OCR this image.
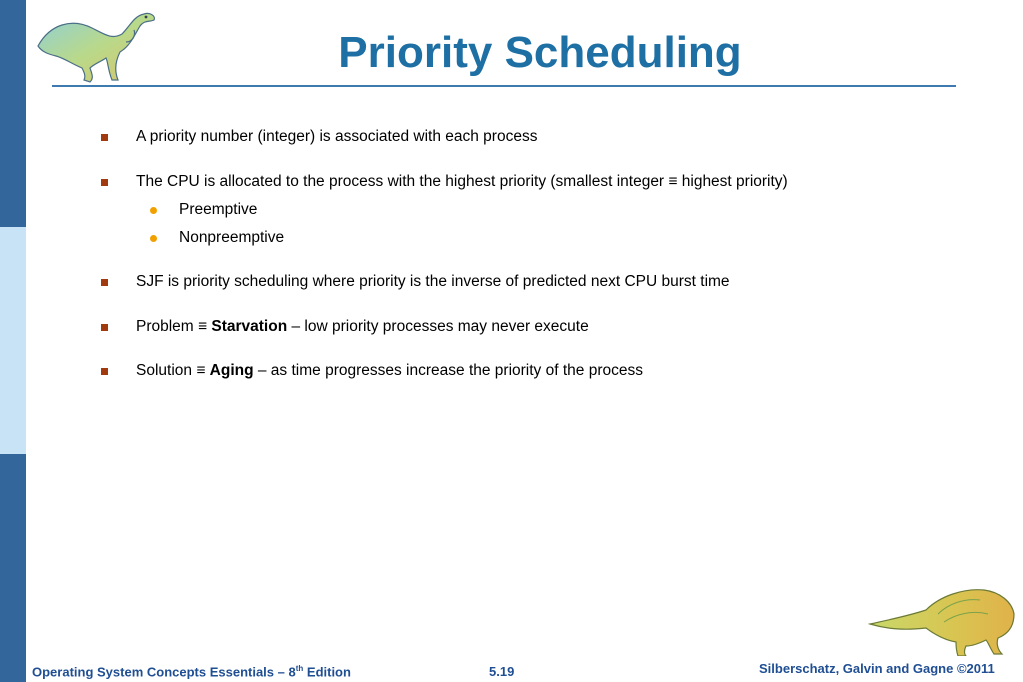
Priority Scheduling
A priority number (integer) is associated with each process
The CPU is allocated to the process with the highest priority (smallest integer ≡ highest priority)
Preemptive
Nonpreemptive
SJF is priority scheduling where priority is the inverse of predicted next CPU burst time
Problem ≡ Starvation – low priority processes may never execute
Solution ≡ Aging – as time progresses increase the priority of the process
Operating System Concepts Essentials – 8th Edition	5.19	Silberschatz, Galvin and Gagne ©2011
